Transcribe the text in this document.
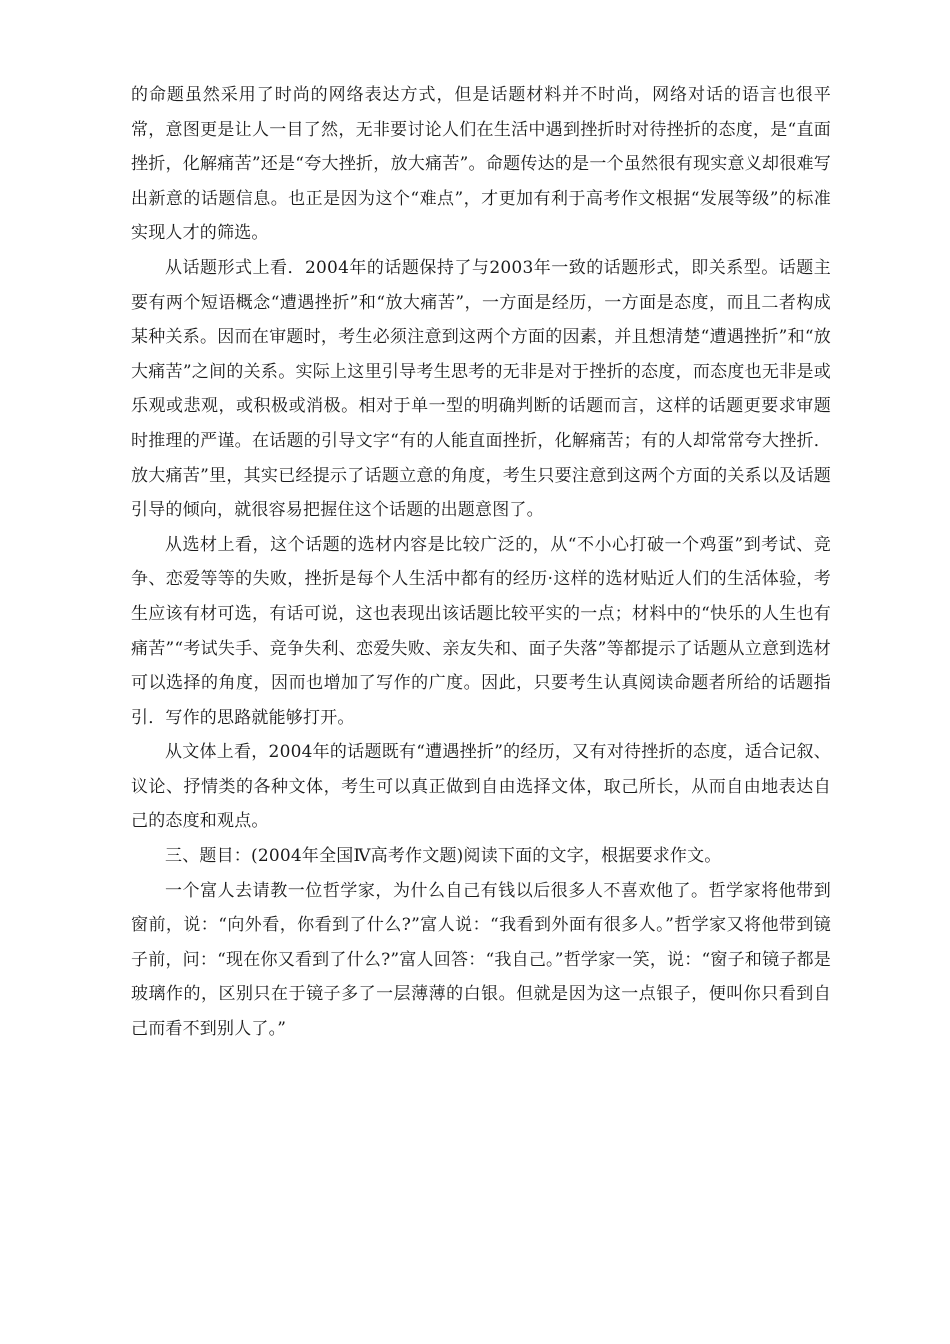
的命题虽然采用了时尚的网络表达方式，但是话题材料并不时尚，网络对话的语言也很平常，意图更是让人一目了然，无非要讨论人们在生活中遇到挫折时对待挫折的态度，是“直面挫折，化解痛苦”还是“夸大挫折，放大痛苦”。命题传达的是一个虽然很有现实意义却很难写出新意的话题信息。也正是因为这个“难点”，才更加有利于高考作文根据“发展等级”的标准实现人才的筛选。

从话题形式上看．2004年的话题保持了与2003年一致的话题形式，即关系型。话题主要有两个短语概念“遭遇挫折”和“放大痛苦”，一方面是经历，一方面是态度，而且二者构成某种关系。因而在审题时，考生必须注意到这两个方面的因素，并且想清楚“遭遇挫折”和“放大痛苦”之间的关系。实际上这里引导考生思考的无非是对于挫折的态度，而态度也无非是或乐观或悲观，或积极或消极。相对于单一型的明确判断的话题而言，这样的话题更要求审题时推理的严谨。在话题的引导文字“有的人能直面挫折，化解痛苦；有的人却常常夸大挫折．放大痛苦”里，其实已经提示了话题立意的角度，考生只要注意到这两个方面的关系以及话题引导的倾向，就很容易把握住这个话题的出题意图了。

从选材上看，这个话题的选材内容是比较广泛的，从“不小心打破一个鸡蛋”到考试、竞争、恋爱等等的失败，挫折是每个人生活中都有的经历·这样的选材贴近人们的生活体验，考生应该有材可选，有话可说，这也表现出该话题比较平实的一点；材料中的“快乐的人生也有痛苦”“考试失手、竞争失利、恋爱失败、亲友失和、面子失落”等都提示了话题从立意到选材可以选择的角度，因而也增加了写作的广度。因此，只要考生认真阅读命题者所给的话题指引．写作的思路就能够打开。

从文体上看，2004年的话题既有“遭遇挫折”的经历，又有对待挫折的态度，适合记叙、议论、抒情类的各种文体，考生可以真正做到自由选择文体，取己所长，从而自由地表达自己的态度和观点。

三、题目：(2004年全国Ⅳ高考作文题)阅读下面的文字，根据要求作文。

一个富人去请教一位哲学家，为什么自己有钱以后很多人不喜欢他了。哲学家将他带到窗前，说：“向外看，你看到了什么?”富人说：“我看到外面有很多人。”哲学家又将他带到镜子前，问：“现在你又看到了什么?”富人回答：“我自己。”哲学家一笑，说：“窗子和镜子都是玻璃作的，区别只在于镜子多了一层薄薄的白银。但就是因为这一点银子，便叫你只看到自己而看不到别人了。”
